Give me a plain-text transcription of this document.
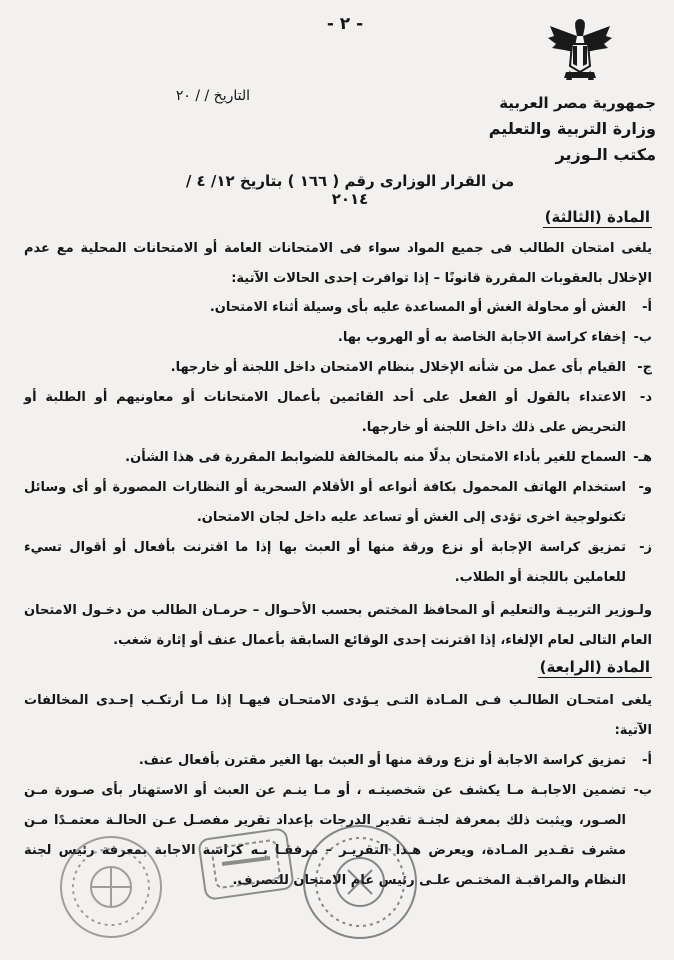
- ٢ -
التاريخ / / ٢٠	جمهورية مصر العربية
وزارة التربية والتعليم
مكتب الـوزير
من القرار الوزارى رقم ( ١٦٦ ) بتاريخ ١٢/ ٤ /٢٠١٤
المادة (الثالثة)
يلغى امتحان الطالب فى جميع المواد سواء فى الامتحانات العامة أو الامتحانات المحلية مع عدم الإخلال بالعقوبات المقررة قانونًا – إذا توافرت إحدى الحالات الآتية:
أ-
الغش أو محاولة الغش أو المساعدة عليه بأى وسيلة أثناء الامتحان.
ب-
إخفاء كراسة الاجابة الخاصة به أو الهروب بها.
ج-
القيام بأى عمل من شأنه الإخلال بنظام الامتحان داخل اللجنة أو خارجها.
د-
الاعتداء بالقول أو الفعل على أحد القائمين بأعمال الامتحانات أو معاونيهم أو الطلبة أو التحريض على ذلك داخل اللجنة أو خارجها.
هـ-
السماح للغير بأداء الامتحان بدلًا منه بالمخالفة للضوابط المقررة فى هذا الشأن.
و-
استخدام الهاتف المحمول بكافة أنواعه أو الأقلام السحرية أو النظارات المصورة أو أى وسائل تكنولوجية اخرى تؤدى إلى الغش أو تساعد عليه داخل لجان الامتحان.
ز-
تمزيق كراسة الإجابة أو نزع ورقة منها أو العبث بها إذا ما اقترنت بأفعال أو أقوال تسيء للعاملين باللجنة أو الطلاب.
ولـوزير التربيـة والتعليم أو المحافظ المختص بحسب الأحـوال – حرمـان الطالب من دخـول الامتحان العام التالى لعام الإلغاء، إذا اقترنت إحدى الوقائع السابقة بأعمال عنف أو إثارة شغب.
المادة (الرابعة)
يلغى امتحـان الطالـب فـى المـادة التـى يـؤدى الامتحـان فيهـا إذا مـا أرتكـب إحـدى المخالفات الآتية:
أ-
تمزيق كراسة الاجابة أو نزع ورقة منها أو العبث بها الغير مقترن بأفعال عنف.
ب-
تضمين الاجابـة مـا يكشف عن شخصيتـه ، أو مـا ينـم عن العبث أو الاستهتار بأى صـورة مـن الصـور، ويثبت ذلك بمعرفة لجنـة تقدير الدرجات بإعداد تقرير مفصـل عـن الحالـة معتمـدًا مـن مشرف تقـدير المـادة، ويعرض هـذا التقريـر – مرفقـا بـه كراسة الاجابة بمعرفة رئيس لجنة النظام والمراقبـة المختـص علـى رئيس عام الامتحان للتصرف.
